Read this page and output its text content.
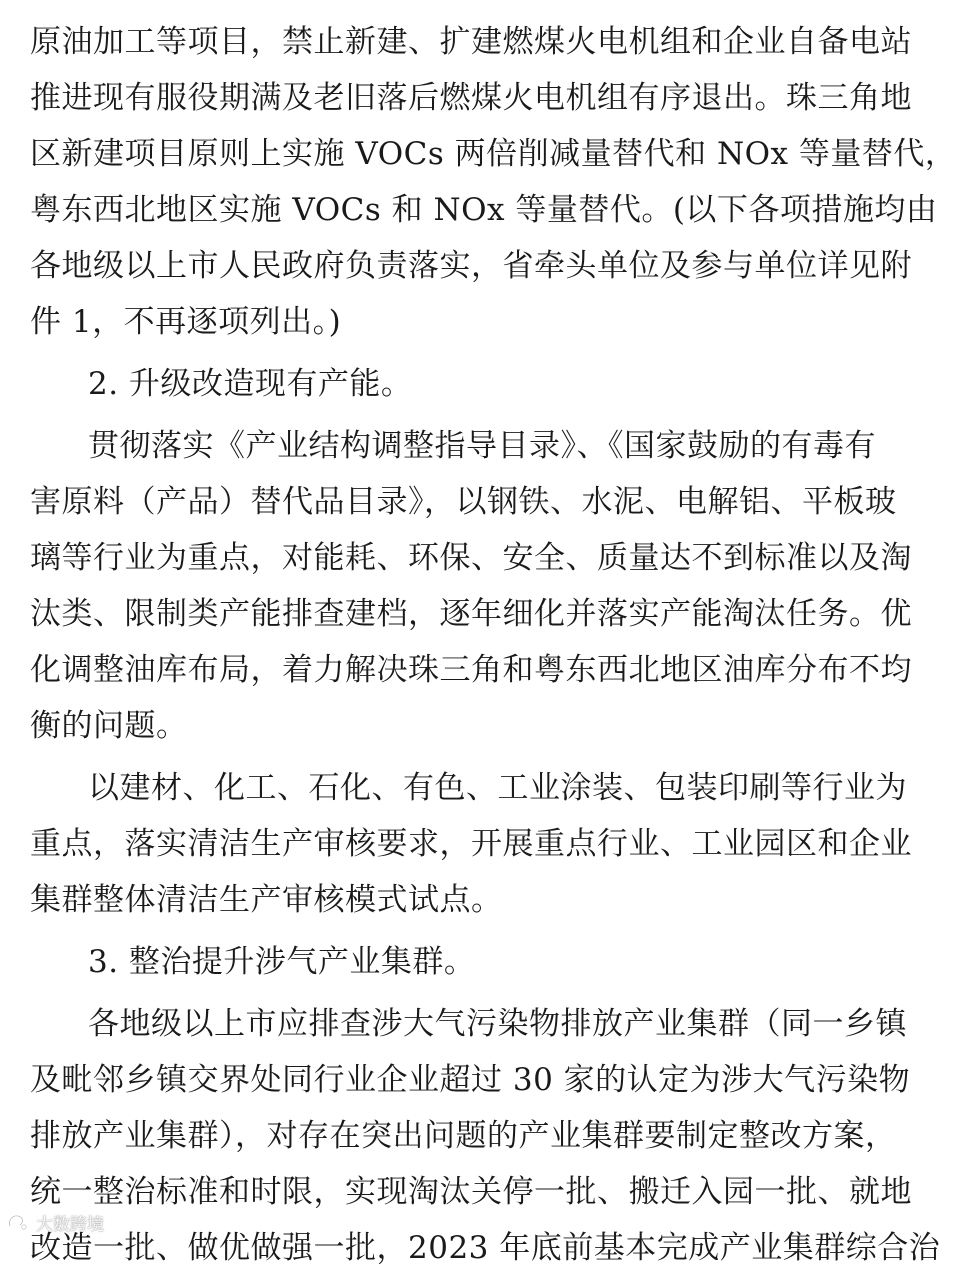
原油加工等项目，禁止新建、扩建燃煤火电机组和企业自备电站
推进现有服役期满及老旧落后燃煤火电机组有序退出。珠三角地
区新建项目原则上实施 VOCs 两倍削减量替代和 NOx 等量替代，
粤东西北地区实施 VOCs 和 NOx 等量替代。(以下各项措施均由
各地级以上市人民政府负责落实，省牵头单位及参与单位详见附
件 1，不再逐项列出。)
2. 升级改造现有产能。
贯彻落实《产业结构调整指导目录》、《国家鼓励的有毒有
害原料（产品）替代品目录》，以钢铁、水泥、电解铝、平板玻
璃等行业为重点，对能耗、环保、安全、质量达不到标准以及淘
汰类、限制类产能排查建档，逐年细化并落实产能淘汰任务。优
化调整油库布局，着力解决珠三角和粤东西北地区油库分布不均
衡的问题。
以建材、化工、石化、有色、工业涂装、包装印刷等行业为
重点，落实清洁生产审核要求，开展重点行业、工业园区和企业
集群整体清洁生产审核模式试点。
3. 整治提升涉气产业集群。
各地级以上市应排查涉大气污染物排放产业集群（同一乡镇
及毗邻乡镇交界处同行业企业超过 30 家的认定为涉大气污染物
排放产业集群），对存在突出问题的产业集群要制定整改方案，
统一整治标准和时限，实现淘汰关停一批、搬迁入园一批、就地
改造一批、做优做强一批，2023 年底前基本完成产业集群综合治
大数跨境
